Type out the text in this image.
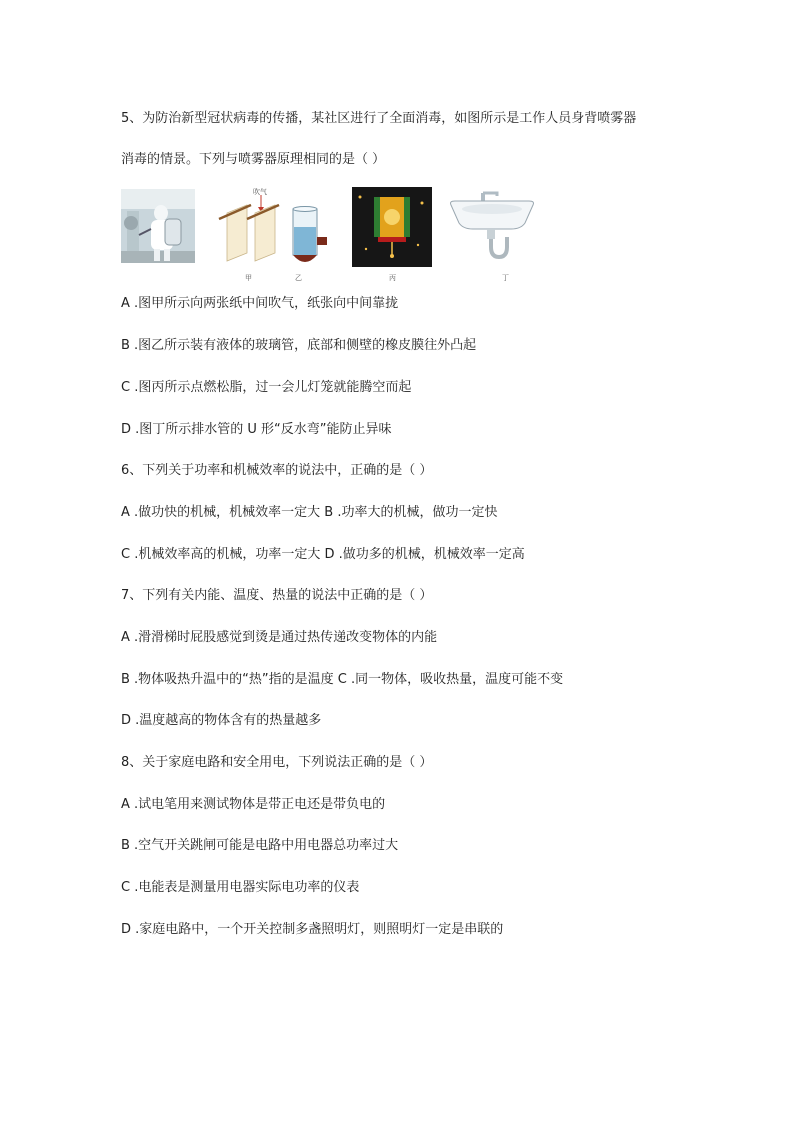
5、为防治新型冠状病毒的传播，某社区进行了全面消毒，如图所示是工作人员身背喷雾器
消毒的情景。下列与喷雾器原理相同的是（ ）
吹气
甲	乙	丙	丁
A .图甲所示向两张纸中间吹气，纸张向中间靠拢
B .图乙所示装有液体的玻璃管，底部和侧壁的橡皮膜往外凸起
C .图丙所示点燃松脂，过一会儿灯笼就能腾空而起
D .图丁所示排水管的 U 形“反水弯”能防止异味
6、下列关于功率和机械效率的说法中，正确的是（ ）
A .做功快的机械，机械效率一定大 B .功率大的机械，做功一定快
C .机械效率高的机械，功率一定大 D .做功多的机械，机械效率一定高
7、下列有关内能、温度、热量的说法中正确的是（ ）
A .滑滑梯时屁股感觉到烫是通过热传递改变物体的内能
B .物体吸热升温中的“热”指的是温度 C .同一物体，吸收热量，温度可能不变
D .温度越高的物体含有的热量越多
8、关于家庭电路和安全用电，下列说法正确的是（ ）
A .试电笔用来测试物体是带正电还是带负电的
B .空气开关跳闸可能是电路中用电器总功率过大
C .电能表是测量用电器实际电功率的仪表
D .家庭电路中，一个开关控制多盏照明灯，则照明灯一定是串联的
